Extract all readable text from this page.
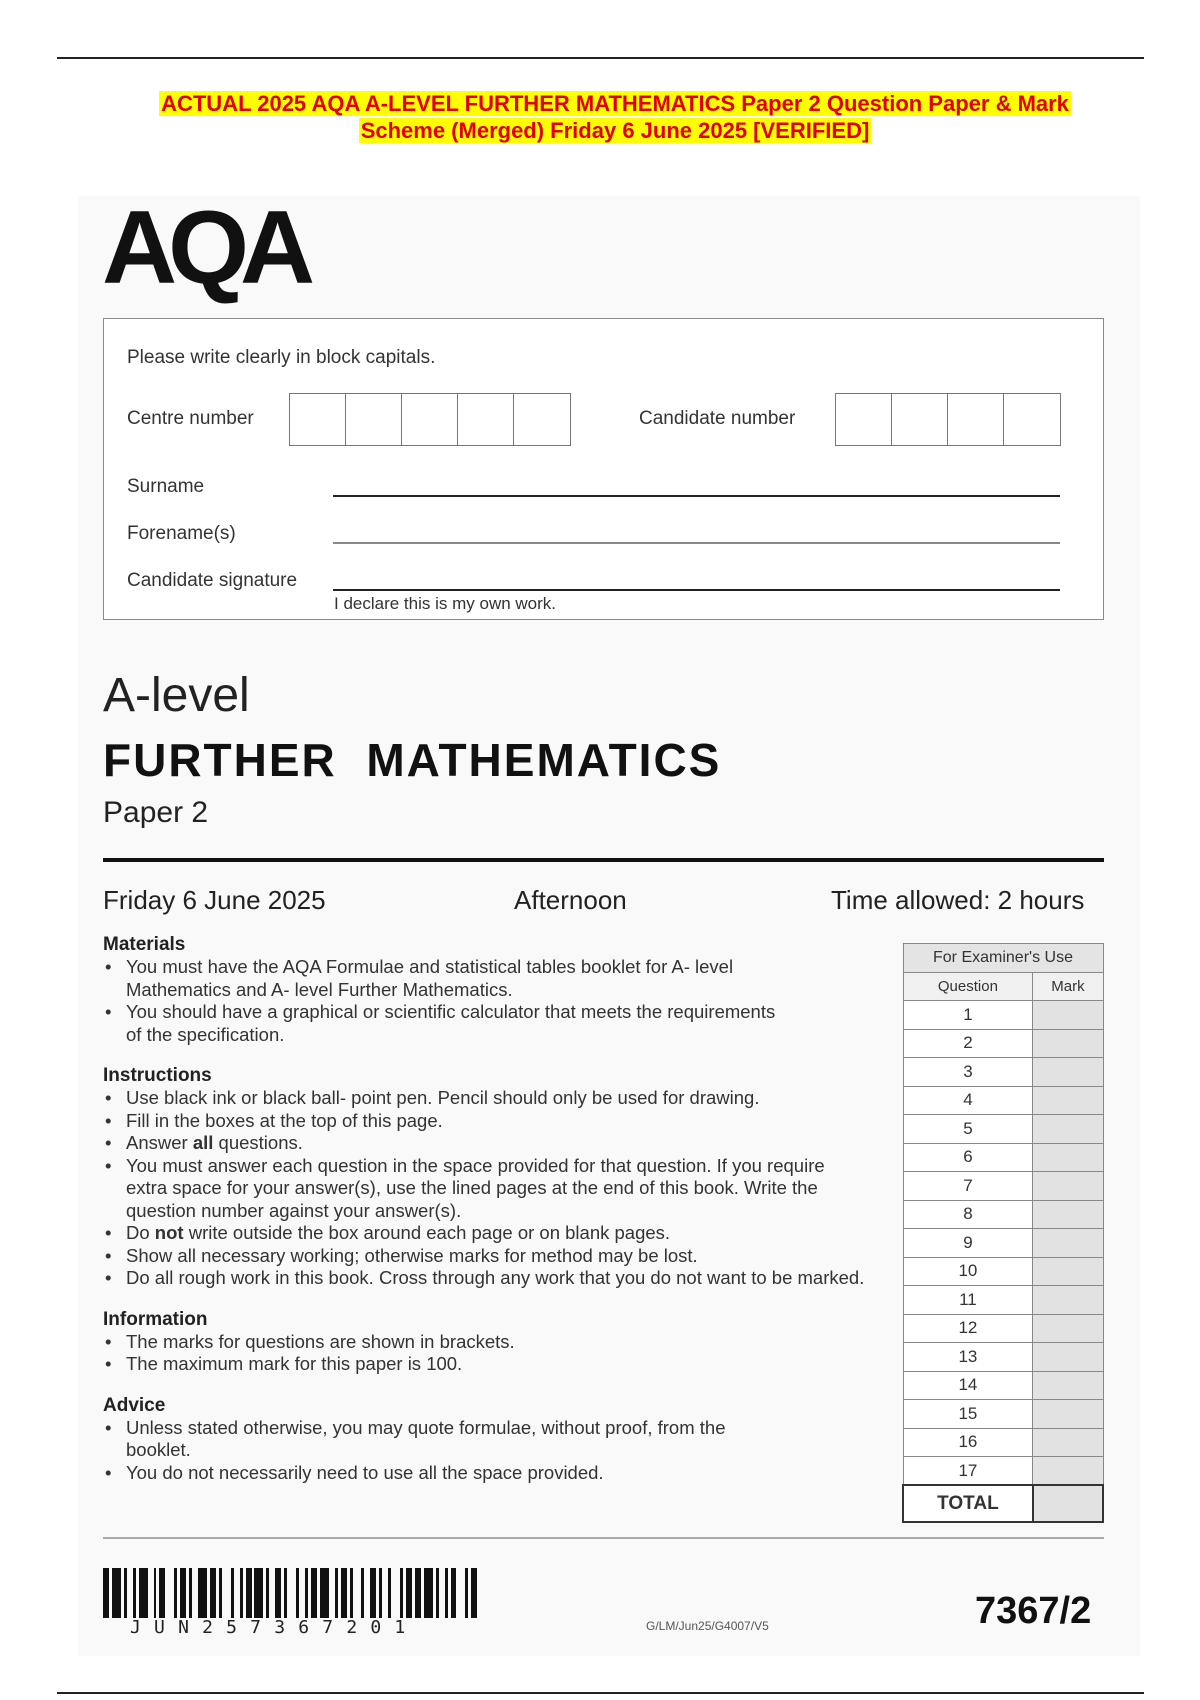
ACTUAL 2025 AQA A-LEVEL FURTHER MATHEMATICS Paper 2 Question Paper & Mark
Scheme (Merged) Friday 6 June 2025 [VERIFIED]
AQA
Please write clearly in block capitals.
Centre number	Candidate number
Surname
Forename(s)
Candidate signature
I declare this is my own work.
A-level
FURTHER  MATHEMATICS
Paper 2
Friday 6 June 2025	Afternoon	Time allowed: 2 hours
Materials
• You must have the AQA Formulae and statistical tables booklet for A- level Mathematics and A- level Further Mathematics.
• You should have a graphical or scientific calculator that meets the requirements of the specification.
Instructions
• Use black ink or black ball- point pen. Pencil should only be used for drawing.
• Fill in the boxes at the top of this page.
• Answer all questions.
• You must answer each question in the space provided for that question. If you require extra space for your answer(s), use the lined pages at the end of this book. Write the question number against your answer(s).
• Do not write outside the box around each page or on blank pages.
• Show all necessary working; otherwise marks for method may be lost.
• Do all rough work in this book. Cross through any work that you do not want to be marked.
Information
• The marks for questions are shown in brackets.
• The maximum mark for this paper is 100.
Advice
• Unless stated otherwise, you may quote formulae, without proof, from the booklet.
• You do not necessarily need to use all the space provided.
For Examiner's Use	
Question	Mark
1	
2	
3	
4	
5	
6	
7	
8	
9	
10	
11	
12	
13	
14	
15	
16	
17	
TOTAL	
JUN257367201	G/LM/Jun25/G4007/V5	7367/2
